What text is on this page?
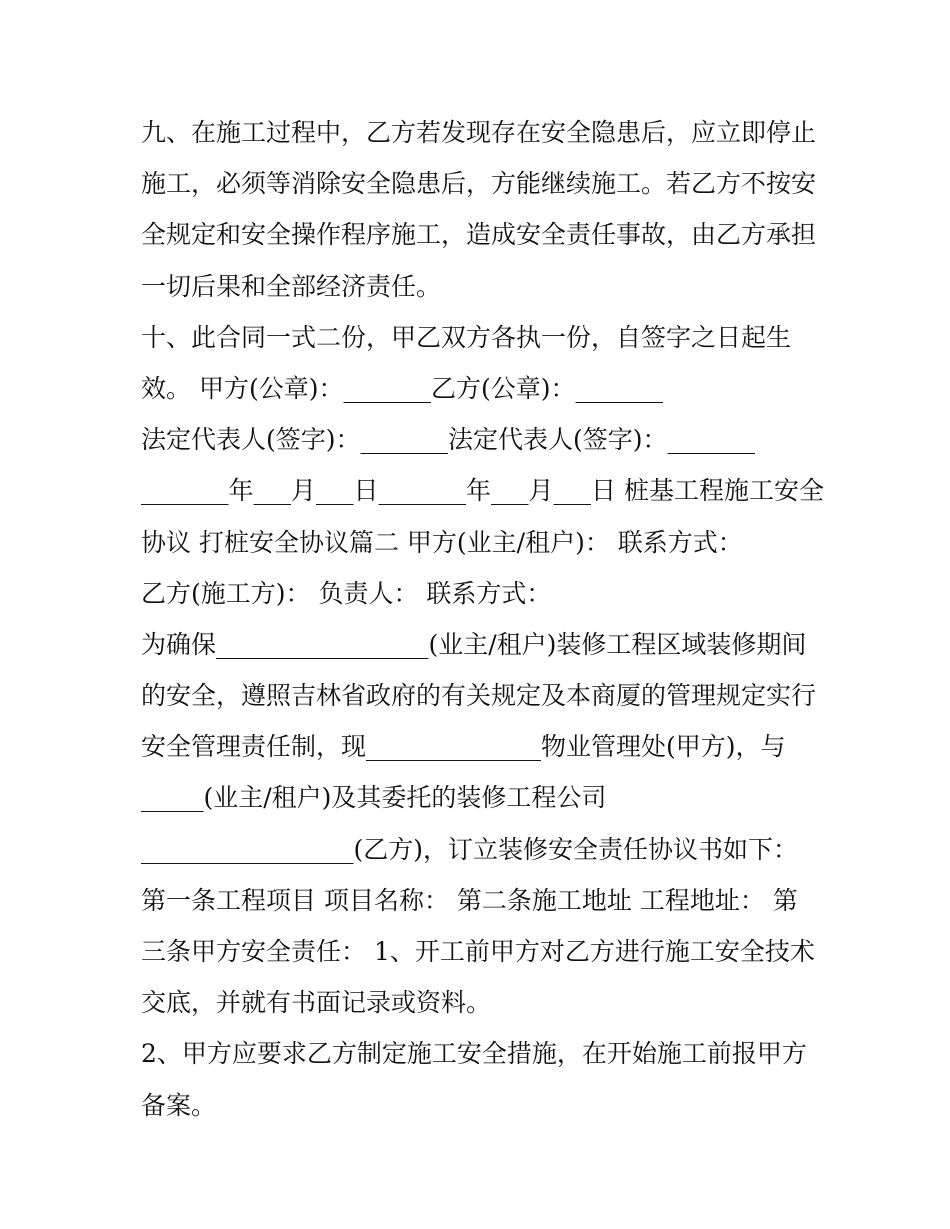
九、在施工过程中，乙方若发现存在安全隐患后，应立即停止
施工，必须等消除安全隐患后，方能继续施工。若乙方不按安
全规定和安全操作程序施工，造成安全责任事故，由乙方承担
一切后果和全部经济责任。
十、此合同一式二份，甲乙双方各执一份，自签字之日起生
效。 甲方(公章)：_______乙方(公章)：_______
法定代表人(签字)：_______法定代表人(签字)：_______
_______年___月___日_______年___月___日 桩基工程施工安全
协议 打桩安全协议篇二 甲方(业主/租户)： 联系方式：
乙方(施工方)： 负责人： 联系方式：
为确保_________________(业主/租户)装修工程区域装修期间
的安全，遵照吉林省政府的有关规定及本商厦的管理规定实行
安全管理责任制，现______________物业管理处(甲方)，与
_____(业主/租户)及其委托的装修工程公司
_________________(乙方)，订立装修安全责任协议书如下：
第一条工程项目 项目名称： 第二条施工地址 工程地址： 第
三条甲方安全责任： 1、开工前甲方对乙方进行施工安全技术
交底，并就有书面记录或资料。
2、甲方应要求乙方制定施工安全措施，在开始施工前报甲方
备案。
